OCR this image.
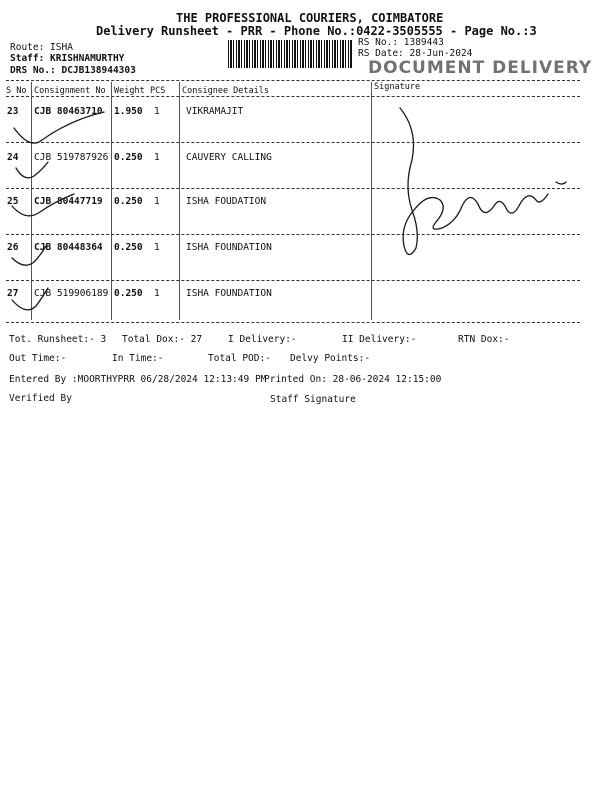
THE PROFESSIONAL COURIERS, COIMBATORE
Delivery Runsheet - PRR - Phone No.:0422-3505555 - Page No.:3
Route: ISHA
Staff: KRISHNAMURTHY
DRS No.: DCJB138944303
RS No.: 1389443
RS Date: 28-Jun-2024
DOCUMENT DELIVERY
S No Consignment No Weight PCS Consignee Details	Signature
23 CJB 80463710 1.950 1	VIKRAMAJIT
24 CJB 519787926 0.250 1	CAUVERY CALLING
25 CJB 80447719 0.250 1	ISHA FOUDATION
26 CJB 80448364 0.250 1	ISHA FOUNDATION
27 CJB 519906189 0.250 1	ISHA FOUNDATION
Tot. Runsheet:- 3 Total Dox:- 27	I Delivery:-	II Delivery:-	RTN Dox:-
Out Time:-	In Time:-	Total POD:- Delvy Points:-
Entered By :MOORTHYPRR 06/28/2024 12:13:49 PM
Printed On: 28-06-2024 12:15:00
Verified By	Staff Signature
